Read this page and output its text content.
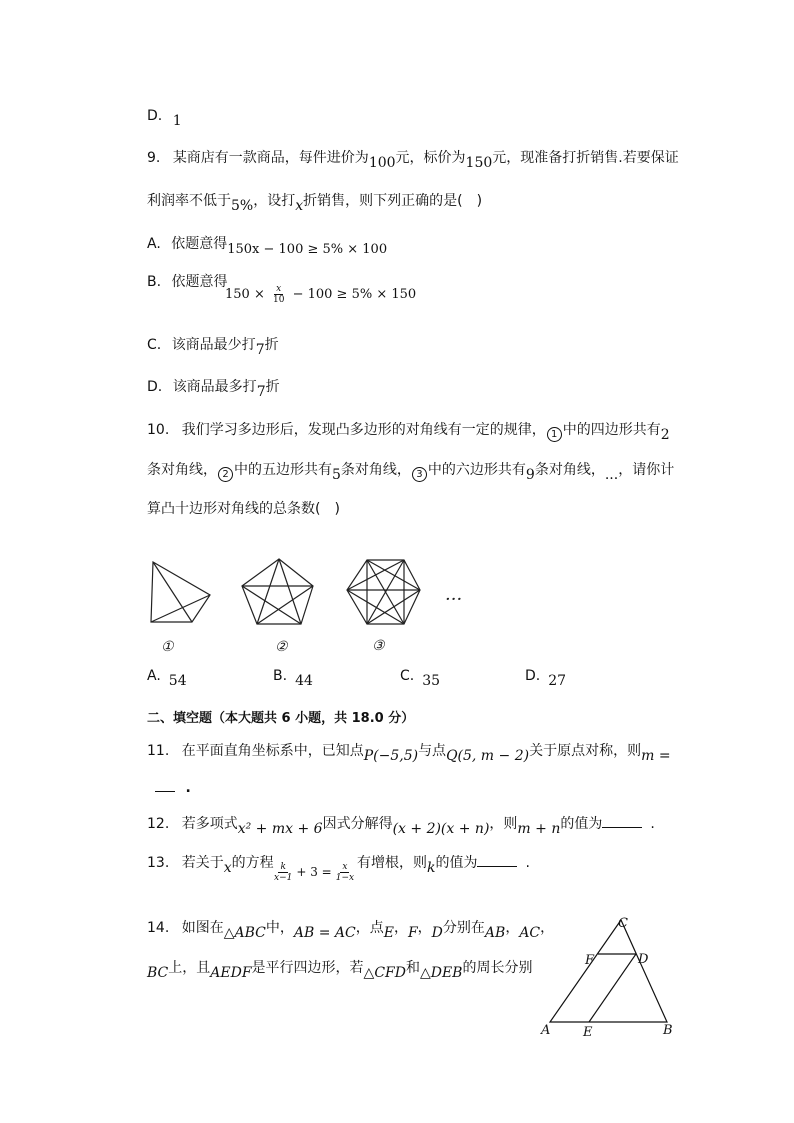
D. 1
9. 某商店有一款商品，每件进价为100元，标价为150元，现准备打折销售.若要保证
利润率不低于5%，设打x折销售，则下列正确的是(　)
A. 依题意得150x − 100 ≥ 5% × 100
B. 依题意得
$150 \times \frac{x}{10} - 100 \ge 5\% \times 150$
C. 该商品最少打7折
D. 该商品最多打7折
10. 我们学习多边形后，发现凸多边形的对角线有一定的规律， 1 中的四边形共有2
条对角线， 2 中的五边形共有5条对角线， 3 中的六边形共有9条对角线，...，请你计
算凸十边形对角线的总条数(　)
···
①	②	③
A. 54	B. 44	C. 35	D. 27
二、填空题（本大题共 6 小题，共 18.0 分）
11. 在平面直角坐标系中，已知点P(−5,5)与点Q(5, m − 2)关于原点对称，则m =
.
12. 若多项式x² + mx + 6因式分解得(x + 2)(x + n)，则m + n的值为	.
13. 若关于x的方程
$\frac{k}{x-1} + 3 = \frac{x}{1-x}$ 有增根，则k的值为	.
14. 如图在△ABC中，AB = AC，点E，F，D分别在AB，AC，
BC上，且AEDF是平行四边形，若△CFD和△DEB的周长分别
C
F	D
A	E	B
